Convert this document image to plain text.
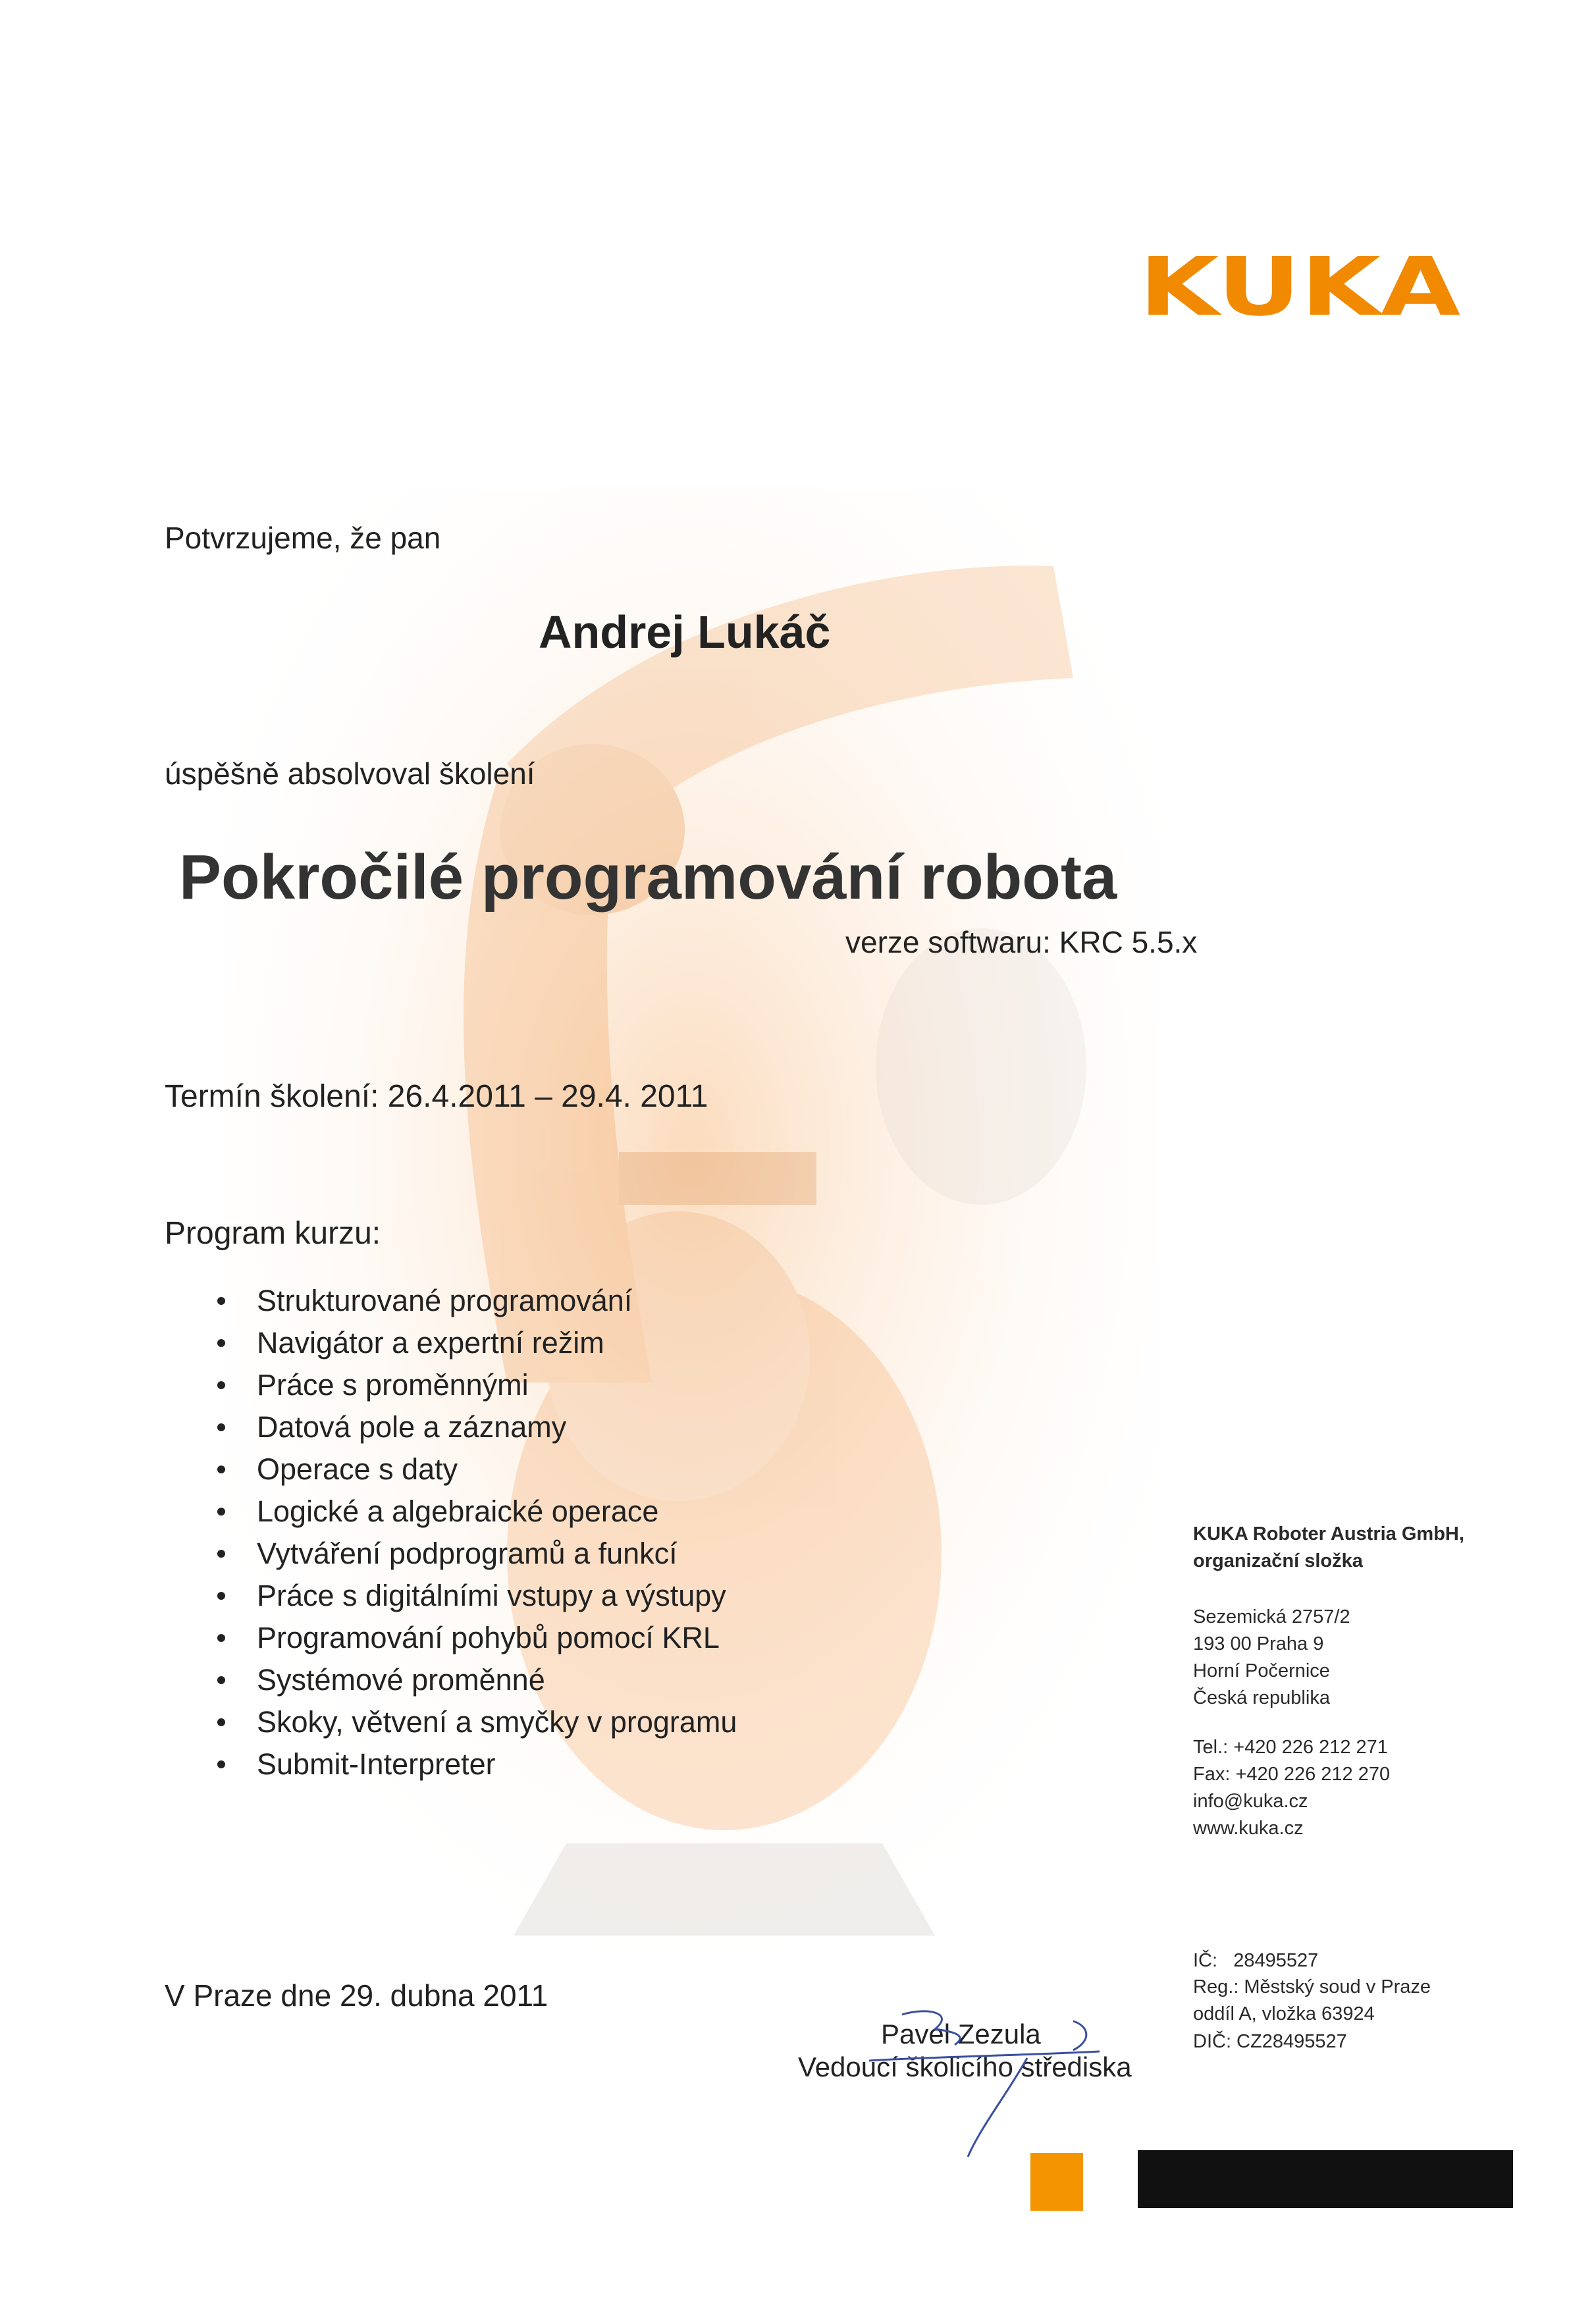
KUKA
Potvrzujeme, že pan
Andrej Lukáč
úspěšně absolvoval školení
Pokročilé programování robota
verze softwaru: KRC 5.5.x
Termín školení: 26.4.2011 – 29.4. 2011
Program kurzu:
Strukturované programování
Navigátor a expertní režim
Práce s proměnnými
Datová pole a záznamy
Operace s daty
Logické a algebraické operace
Vytváření podprogramů a funkcí
Práce s digitálními vstupy a výstupy
Programování pohybů pomocí KRL
Systémové proměnné
Skoky, větvení a smyčky v programu
Submit-Interpreter
KUKA Roboter Austria GmbH,
organizační složka
Sezemická 2757/2
193 00 Praha 9
Horní Počernice
Česká republika
Tel.: +420 226 212 271
Fax: +420 226 212 270
info@kuka.cz
www.kuka.cz

IČ:   28495527

DIČ: CZ28495527

Reg.: Městský soud v Praze
oddíl A, vložka 63924
V Praze dne 29. dubna 2011
Pavel Zezula
Vedoucí školicího střediska
